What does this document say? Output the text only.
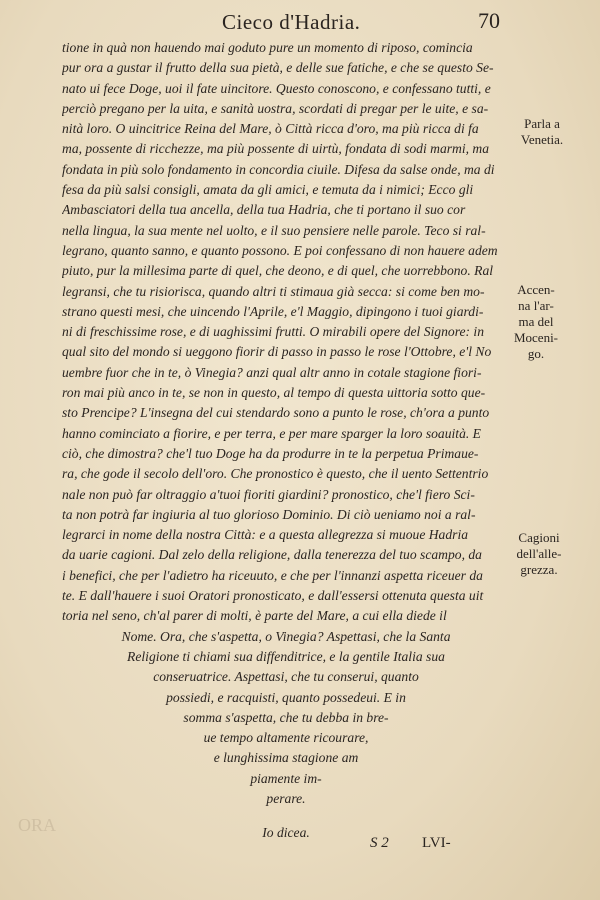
ORA
Cieco d'Hadria.	70
tione in quà non hauendo mai goduto pure un momento di riposo, comincia
pur ora a gustar il frutto della sua pietà, e delle sue fatiche, e che se questo Se-
nato ui fece Doge, uoi il fate uincitore. Questo conoscono, e confessano tutti, e
perciò pregano per la uita, e sanità uostra, scordati di pregar per le uite, e sa-
nità loro. O uincitrice Reina del Mare, ò Città ricca d'oro, ma più ricca di fa
ma, possente di ricchezze, ma più possente di uirtù, fondata di sodi marmi, ma
fondata in più solo fondamento in concordia ciuile. Difesa da salse onde, ma di
fesa da più salsi consigli, amata da gli amici, e temuta da i nimici; Ecco gli
Ambasciatori della tua ancella, della tua Hadria, che ti portano il suo cor
nella lingua, la sua mente nel uolto, e il suo pensiere nelle parole. Teco si ral-
legrano, quanto sanno, e quanto possono. E poi confessano di non hauere adem
piuto, pur la millesima parte di quel, che deono, e di quel, che uorrebbono. Ral
legransi, che tu risiorisca, quando altri ti stimaua già secca: si come ben mo-
strano questi mesi, che uincendo l'Aprile, e'l Maggio, dipingono i tuoi giardi-
ni di freschissime rose, e di uaghissimi frutti. O mirabili opere del Signore: in
qual sito del mondo si ueggono fiorir di passo in passo le rose l'Ottobre, e'l No
uembre fuor che in te, ò Vinegia? anzi qual altr anno in cotale stagione fiori-
ron mai più anco in te, se non in questo, al tempo di questa uittoria sotto que-
sto Prencipe? L'insegna del cui stendardo sono a punto le rose, ch'ora a punto
hanno cominciato a fiorire, e per terra, e per mare sparger la loro soauità. E
ciò, che dimostra? che'l tuo Doge ha da produrre in te la perpetua Primaue-
ra, che gode il secolo dell'oro. Che pronostico è questo, che il uento Settentrio
nale non può far oltraggio a'tuoi fioriti giardini? pronostico, che'l fiero Sci-
ta non potrà far ingiuria al tuo glorioso Dominio. Di ciò ueniamo noi a ral-
legrarci in nome della nostra Città: e a questa allegrezza si muoue Hadria
da uarie cagioni. Dal zelo della religione, dalla tenerezza del tuo scampo, da
i benefici, che per l'adietro ha riceuuto, e che per l'innanzi aspetta riceuer da
te. E dall'hauere i suoi Oratori pronosticato, e dall'essersi ottenuta questa uit
toria nel seno, ch'al parer di molti, è parte del Mare, a cui ella diede il
Nome. Ora, che s'aspetta, o Vinegia? Aspettasi, che la Santa
Religione ti chiami sua diffenditrice, e la gentile Italia sua
conseruatrice. Aspettasi, che tu conserui, quanto
possiedi, e racquisti, quanto possedeui. E in
somma s'aspetta, che tu debba in bre-
ue tempo altamente ricourare,
e lunghissima stagione am
piamente im-
perare.
Io dicea.
Parla a
Venetia.
Accen-
na l'ar-
ma del
Moceni-
go.
Cagioni
dell'alle-
grezza.
S 2 LVI-
